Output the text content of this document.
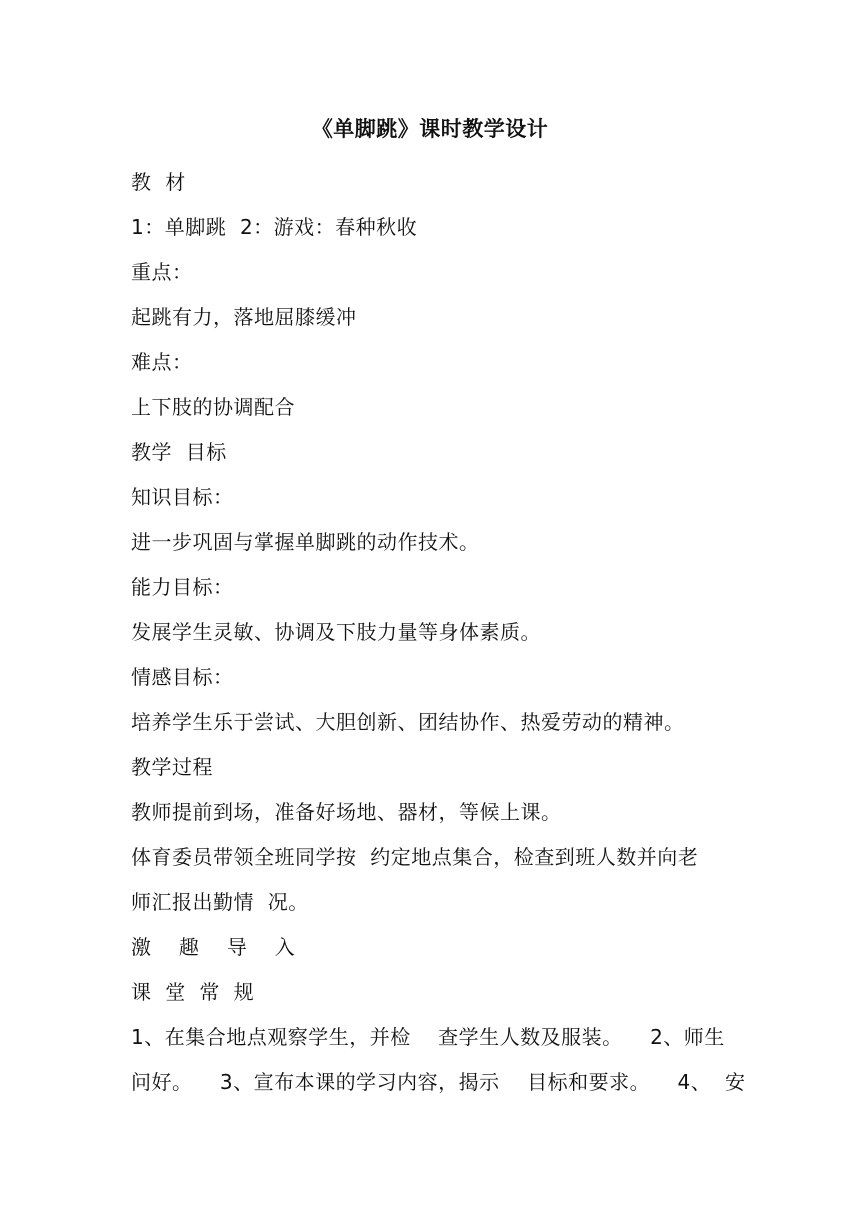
《单脚跳》课时教学设计
教  材
1：单脚跳  2：游戏：春种秋收
重点：
起跳有力，落地屈膝缓冲
难点：
上下肢的协调配合
教学  目标
知识目标：
进一步巩固与掌握单脚跳的动作技术。
能力目标：
发展学生灵敏、协调及下肢力量等身体素质。
情感目标：
培养学生乐于尝试、大胆创新、团结协作、热爱劳动的精神。
教学过程
教师提前到场，准备好场地、器材，等候上课。
体育委员带领全班同学按  约定地点集合，检查到班人数并向老
师汇报出勤情  况。
激    趣    导    入
课  堂  常  规
1、在集合地点观察学生，并检    查学生人数及服装。    2、师生
问好。    3、宣布本课的学习内容，揭示    目标和要求。    4、  安
